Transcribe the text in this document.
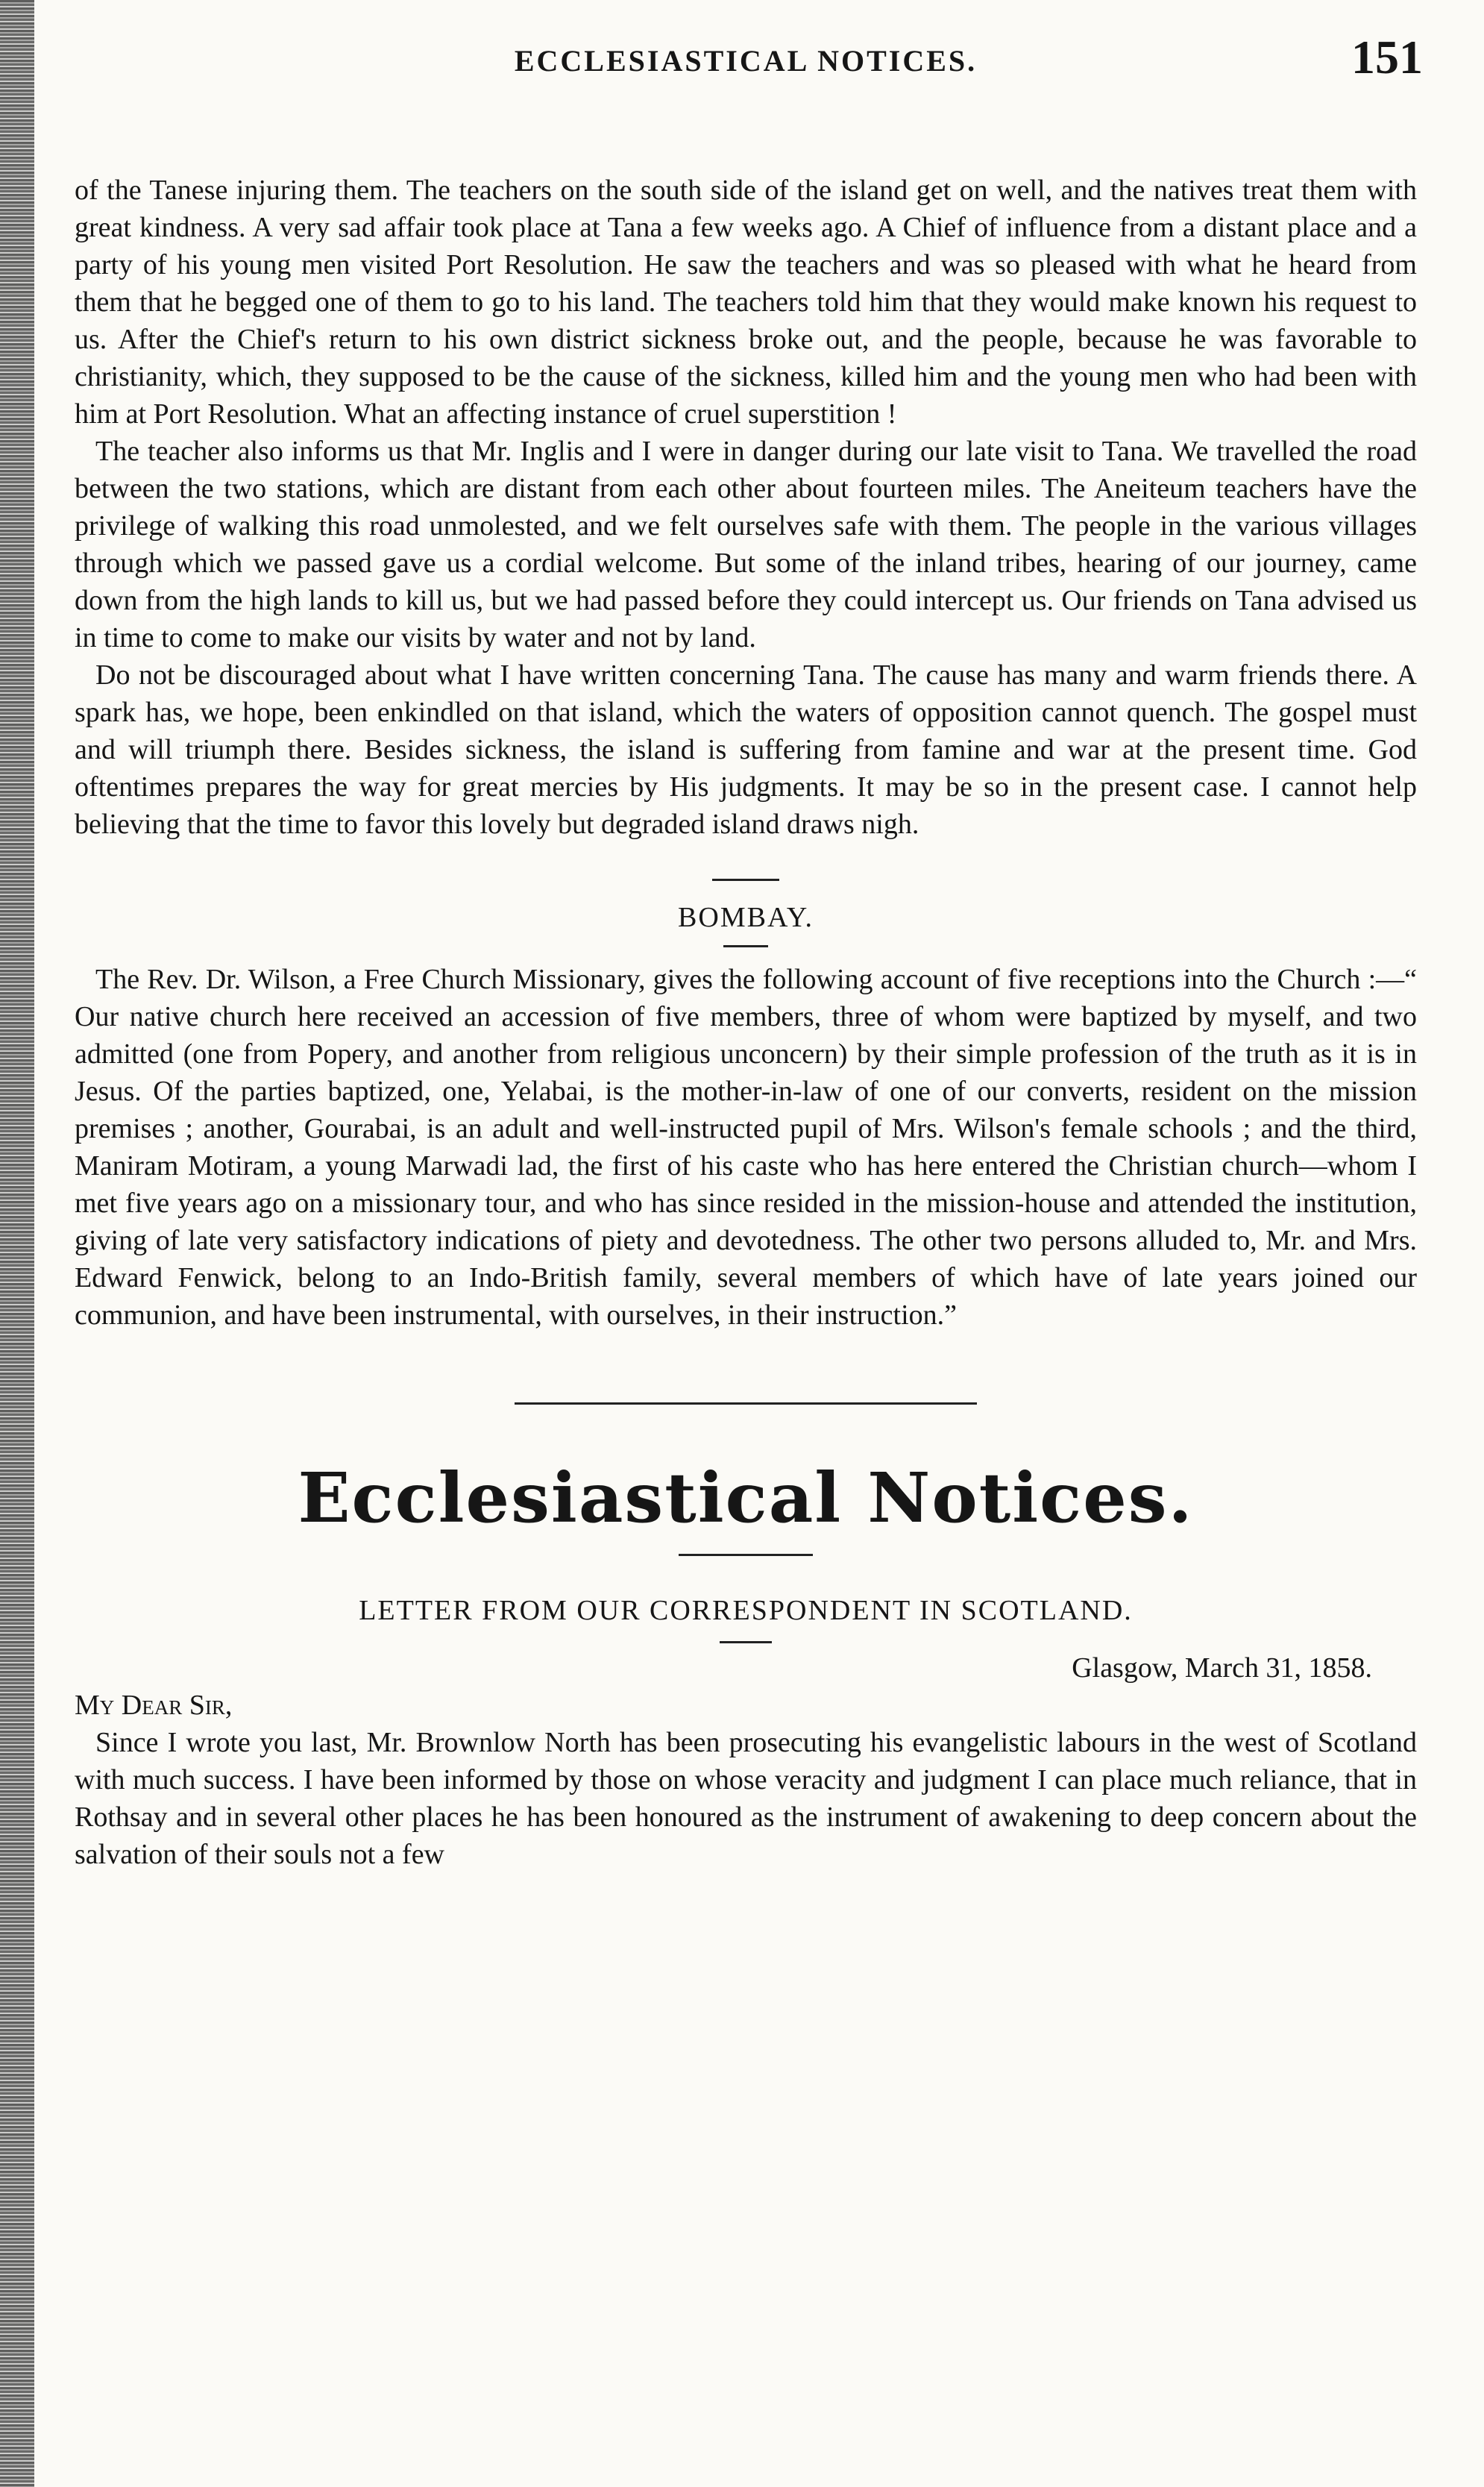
ECCLESIASTICAL NOTICES.	151

of the Tanese injuring them. The teachers on the south side of the island get on well, and the natives treat them with great kindness. A very sad affair took place at Tana a few weeks ago. A Chief of influence from a distant place and a party of his young men visited Port Resolution. He saw the teachers and was so pleased with what he heard from them that he begged one of them to go to his land. The teachers told him that they would make known his request to us. After the Chief's return to his own district sickness broke out, and the people, because he was favorable to christianity, which, they supposed to be the cause of the sickness, killed him and the young men who had been with him at Port Resolution. What an affecting instance of cruel superstition !

The teacher also informs us that Mr. Inglis and I were in danger during our late visit to Tana. We travelled the road between the two stations, which are distant from each other about fourteen miles. The Aneiteum teachers have the privilege of walking this road unmolested, and we felt ourselves safe with them. The people in the various villages through which we passed gave us a cordial welcome. But some of the inland tribes, hearing of our journey, came down from the high lands to kill us, but we had passed before they could intercept us. Our friends on Tana advised us in time to come to make our visits by water and not by land.

Do not be discouraged about what I have written concerning Tana. The cause has many and warm friends there. A spark has, we hope, been enkindled on that island, which the waters of opposition cannot quench. The gospel must and will triumph there. Besides sickness, the island is suffering from famine and war at the present time. God oftentimes prepares the way for great mercies by His judgments. It may be so in the present case. I cannot help believing that the time to favor this lovely but degraded island draws nigh.

BOMBAY.

The Rev. Dr. Wilson, a Free Church Missionary, gives the following account of five receptions into the Church :—“ Our native church here received an accession of five members, three of whom were baptized by myself, and two admitted (one from Popery, and another from religious unconcern) by their simple profession of the truth as it is in Jesus. Of the parties baptized, one, Yelabai, is the mother-in-law of one of our converts, resident on the mission premises ; another, Gourabai, is an adult and well-instructed pupil of Mrs. Wilson's female schools ; and the third, Maniram Motiram, a young Marwadi lad, the first of his caste who has here entered the Christian church—whom I met five years ago on a missionary tour, and who has since resided in the mission-house and attended the institution, giving of late very satisfactory indications of piety and devotedness. The other two persons alluded to, Mr. and Mrs. Edward Fenwick, belong to an Indo-British family, several members of which have of late years joined our communion, and have been instrumental, with ourselves, in their instruction.”

Ecclesiastical Notices.
LETTER FROM OUR CORRESPONDENT IN SCOTLAND.
Glasgow, March 31, 1858.
My Dear Sir,

Since I wrote you last, Mr. Brownlow North has been prosecuting his evangelistic labours in the west of Scotland with much success. I have been informed by those on whose veracity and judgment I can place much reliance, that in Rothsay and in several other places he has been honoured as the instrument of awakening to deep concern about the salvation of their souls not a few
